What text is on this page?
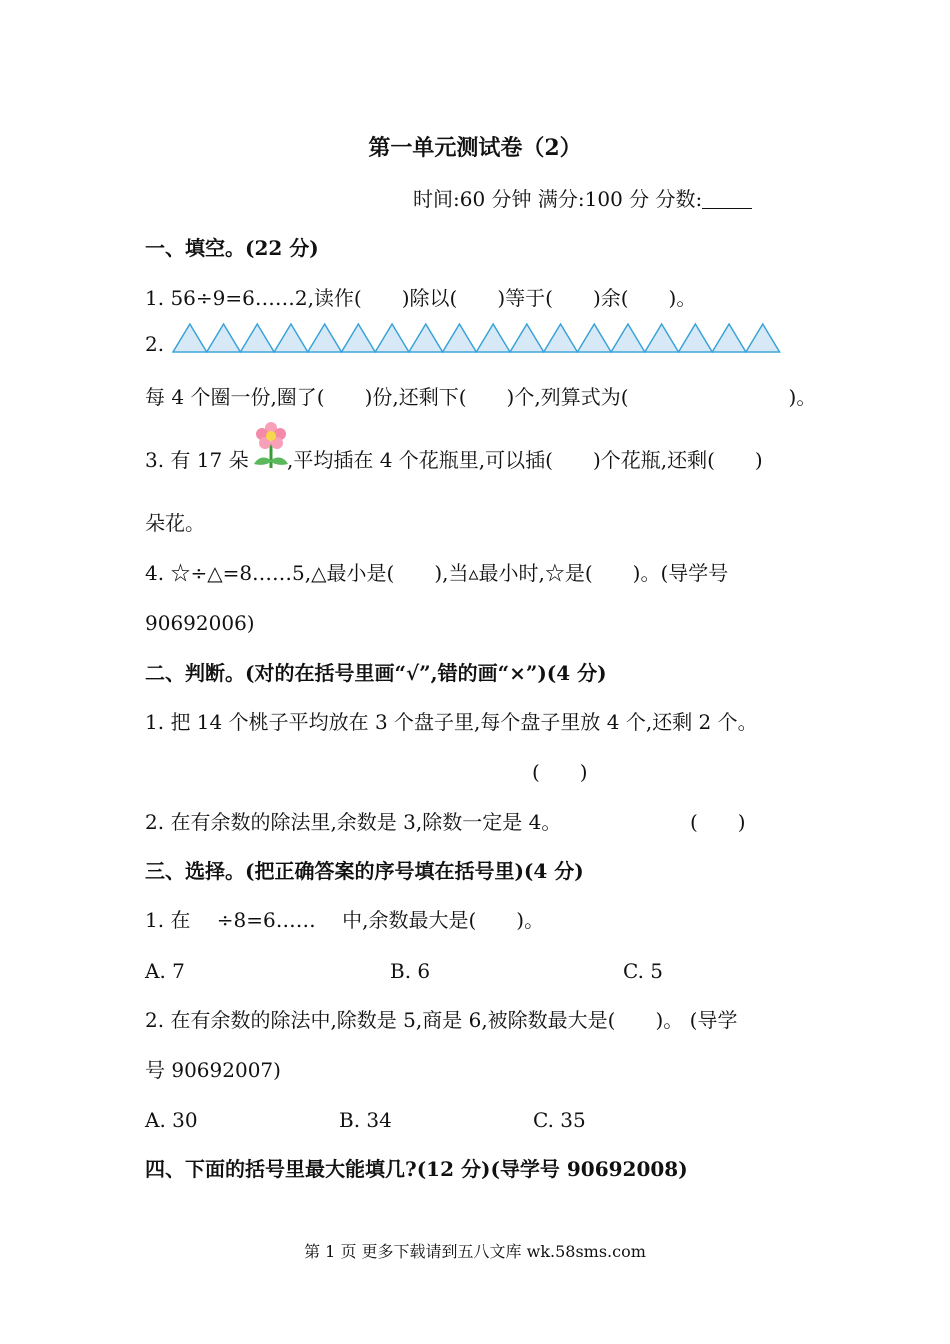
第一单元测试卷（2）
时间:60 分钟 满分:100 分 分数:
一、填空。(22 分)
1. 56÷9=6……2,读作(　　)除以(　　)等于(　　)余(　　)。
2.
每 4 个圈一份,圈了(　　)份,还剩下(　　)个,列算式为(　　　　　　　　)。
3. 有 17 朵 ,平均插在 4 个花瓶里,可以插(　　)个花瓶,还剩(　　)
朵花。
4. ☆÷△=8……5,△最小是(　　),当▵最小时,☆是(　　)。(导学号
90692006)
二、判断。(对的在括号里画“√”,错的画“×”)(4 分)
1. 把 14 个桃子平均放在 3 个盘子里,每个盘子里放 4 个,还剩 2 个。
(　　)
2. 在有余数的除法里,余数是 3,除数一定是 4。	(　　)
三、选择。(把正确答案的序号填在括号里)(4 分)
1. 在 　÷8=6…… 　中,余数最大是(　　)。
A. 7	B. 6	C. 5
2. 在有余数的除法中,除数是 5,商是 6,被除数最大是(　　)。 (导学
号 90692007)
A. 30	B. 34	C. 35
四、下面的括号里最大能填几?(12 分)(导学号 90692008)
第 1 页 更多下载请到五八文库 wk.58sms.com
